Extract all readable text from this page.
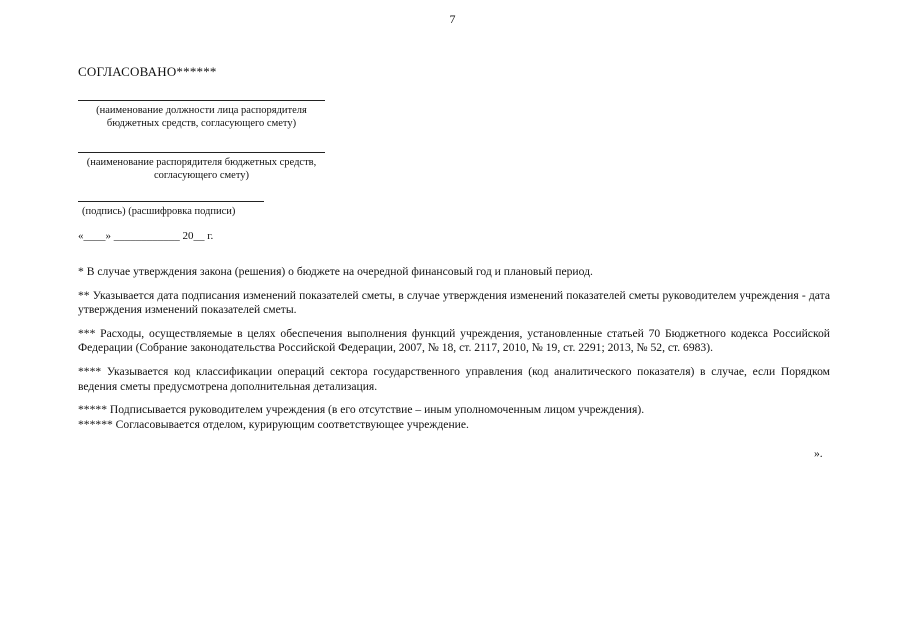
7

СОГЛАСОВАНО******

(наименование должности лица распорядителя бюджетных средств, согласующего смету)
(наименование распорядителя бюджетных средств, согласующего смету)
(подпись) (расшифровка подписи)
«____» ____________ 20__ г.

* В случае утверждения закона (решения) о бюджете на очередной финансовый год и плановый период.

** Указывается дата подписания изменений показателей сметы, в случае утверждения изменений показателей сметы руководителем учреждения - дата утверждения изменений показателей сметы.

*** Расходы, осуществляемые в целях обеспечения выполнения функций учреждения, установленные статьей 70 Бюджетного кодекса Российской Федерации (Собрание законодательства Российской Федерации, 2007, № 18, ст. 2117, 2010, № 19, ст. 2291; 2013, № 52, ст. 6983).

**** Указывается код классификации операций сектора государственного управления (код аналитического показателя) в случае, если Порядком ведения сметы предусмотрена дополнительная детализация.

***** Подписывается руководителем учреждения (в его отсутствие – иным уполномоченным лицом учреждения).

****** Согласовывается отделом, курирующим соответствующее учреждение.

».
